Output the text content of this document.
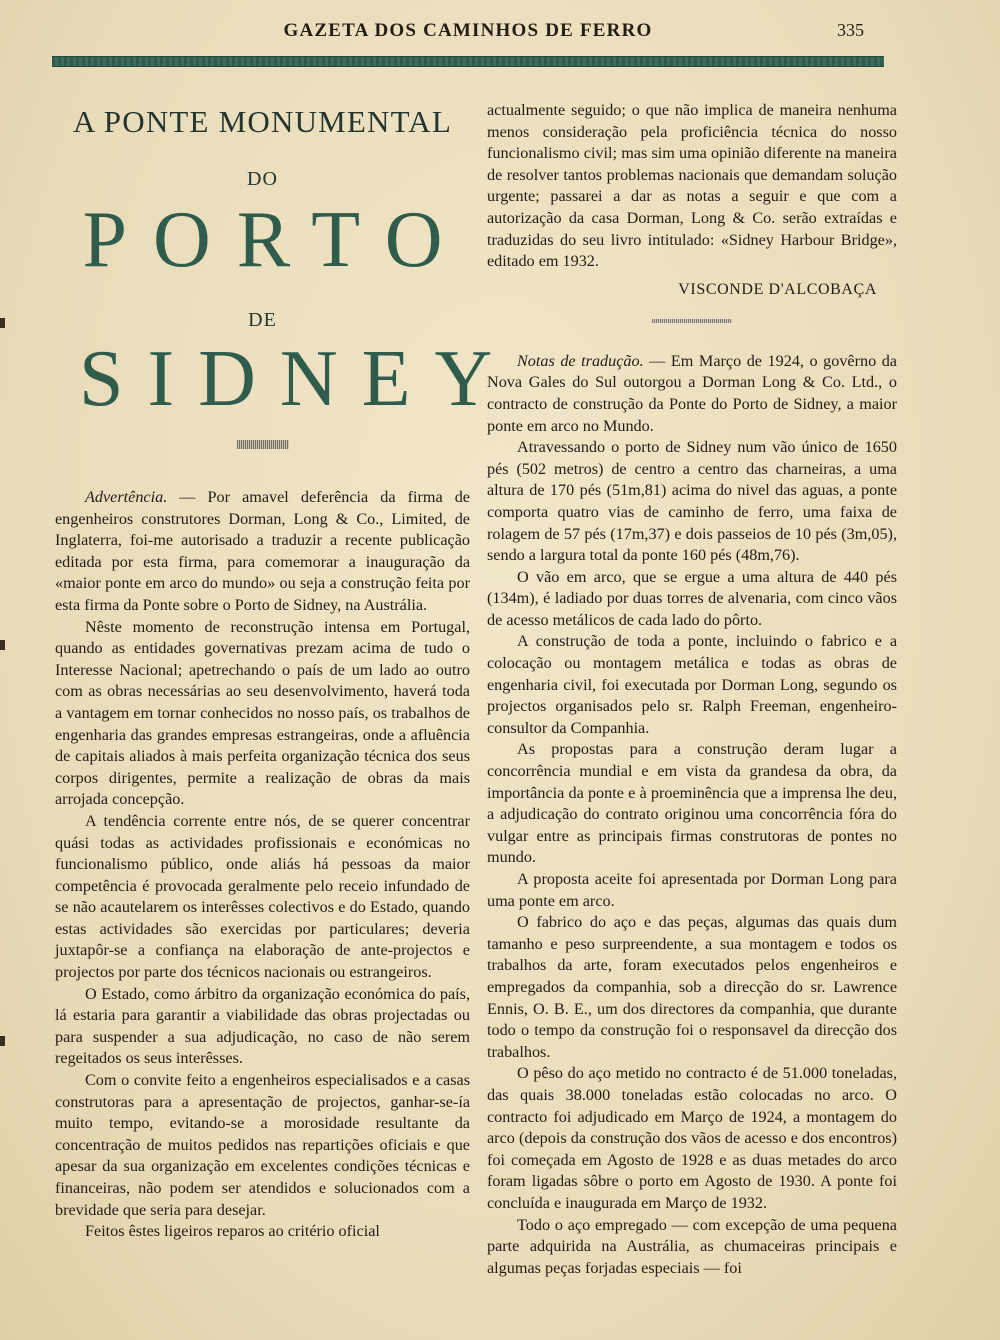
GAZETA DOS CAMINHOS DE FERRO	335
A PONTE MONUMENTAL
DO
PORTO
DE
SIDNEY

Advertência. — Por amavel deferência da firma de engenheiros construtores Dorman, Long & Co., Limited, de Inglaterra, foi-me autorisado a traduzir a recente publicação editada por esta firma, para comemorar a inauguração da «maior ponte em arco do mundo» ou seja a construção feita por esta firma da Ponte sobre o Porto de Sidney, na Austrália.

Nêste momento de reconstrução intensa em Portugal, quando as entidades governativas prezam acima de tudo o Interesse Nacional; apetrechando o país de um lado ao outro com as obras necessárias ao seu desenvolvimento, haverá toda a vantagem em tornar conhecidos no nosso país, os trabalhos de engenharia das grandes empresas estrangeiras, onde a afluência de capitais aliados à mais perfeita organização técnica dos seus corpos dirigentes, permite a realização de obras da mais arrojada concepção.

A tendência corrente entre nós, de se querer concentrar quási todas as actividades profissionais e económicas no funcionalismo público, onde aliás há pessoas da maior competência é provocada geralmente pelo receio infundado de se não acautelarem os interêsses colectivos e do Estado, quando estas actividades são exercidas por particulares; deveria juxtapôr-se a confiança na elaboração de ante-projectos e projectos por parte dos técnicos nacionais ou estrangeiros.

O Estado, como árbitro da organização económica do país, lá estaria para garantir a viabilidade das obras projectadas ou para suspender a sua adjudicação, no caso de não serem regeitados os seus interêsses.

Com o convite feito a engenheiros especialisados e a casas construtoras para a apresentação de projectos, ganhar-se-ía muito tempo, evitando-se a morosidade resultante da concentração de muitos pedidos nas repartições oficiais e que apesar da sua organização em excelentes condições técnicas e financeiras, não podem ser atendidos e solucionados com a brevidade que seria para desejar.

Feitos êstes ligeiros reparos ao critério oficial

actualmente seguido; o que não implica de maneira nenhuma menos consideração pela proficiência técnica do nosso funcionalismo civil; mas sim uma opinião diferente na maneira de resolver tantos problemas nacionais que demandam solução urgente; passarei a dar as notas a seguir e que com a autorização da casa Dorman, Long & Co. serão extraídas e traduzidas do seu livro intitulado: «Sidney Harbour Bridge», editado em 1932.

VISCONDE D'ALCOBAÇA

Notas de tradução. — Em Março de 1924, o govêrno da Nova Gales do Sul outorgou a Dorman Long & Co. Ltd., o contracto de construção da Ponte do Porto de Sidney, a maior ponte em arco no Mundo.

Atravessando o porto de Sidney num vão único de 1650 pés (502 metros) de centro a centro das charneiras, a uma altura de 170 pés (51m,81) acima do nivel das aguas, a ponte comporta quatro vias de caminho de ferro, uma faixa de rolagem de 57 pés (17m,37) e dois passeios de 10 pés (3m,05), sendo a largura total da ponte 160 pés (48m,76).

O vão em arco, que se ergue a uma altura de 440 pés (134m), é ladiado por duas torres de alvenaria, com cinco vãos de acesso metálicos de cada lado do pôrto.

A construção de toda a ponte, incluindo o fabrico e a colocação ou montagem metálica e todas as obras de engenharia civil, foi executada por Dorman Long, segundo os projectos organisados pelo sr. Ralph Freeman, engenheiro-consultor da Companhia.

As propostas para a construção deram lugar a concorrência mundial e em vista da grandesa da obra, da importância da ponte e à proeminência que a imprensa lhe deu, a adjudicação do contrato originou uma concorrência fóra do vulgar entre as principais firmas construtoras de pontes no mundo.

A proposta aceite foi apresentada por Dorman Long para uma ponte em arco.

O fabrico do aço e das peças, algumas das quais dum tamanho e peso surpreendente, a sua montagem e todos os trabalhos da arte, foram executados pelos engenheiros e empregados da companhia, sob a direcção do sr. Lawrence Ennis, O. B. E., um dos directores da companhia, que durante todo o tempo da construção foi o responsavel da direcção dos trabalhos.

O pêso do aço metido no contracto é de 51.000 toneladas, das quais 38.000 toneladas estão colocadas no arco. O contracto foi adjudicado em Março de 1924, a montagem do arco (depois da construção dos vãos de acesso e dos encontros) foi começada em Agosto de 1928 e as duas metades do arco foram ligadas sôbre o porto em Agosto de 1930. A ponte foi concluída e inaugurada em Março de 1932.

Todo o aço empregado — com excepção de uma pequena parte adquirida na Austrália, as chumaceiras principais e algumas peças forjadas especiais — foi
